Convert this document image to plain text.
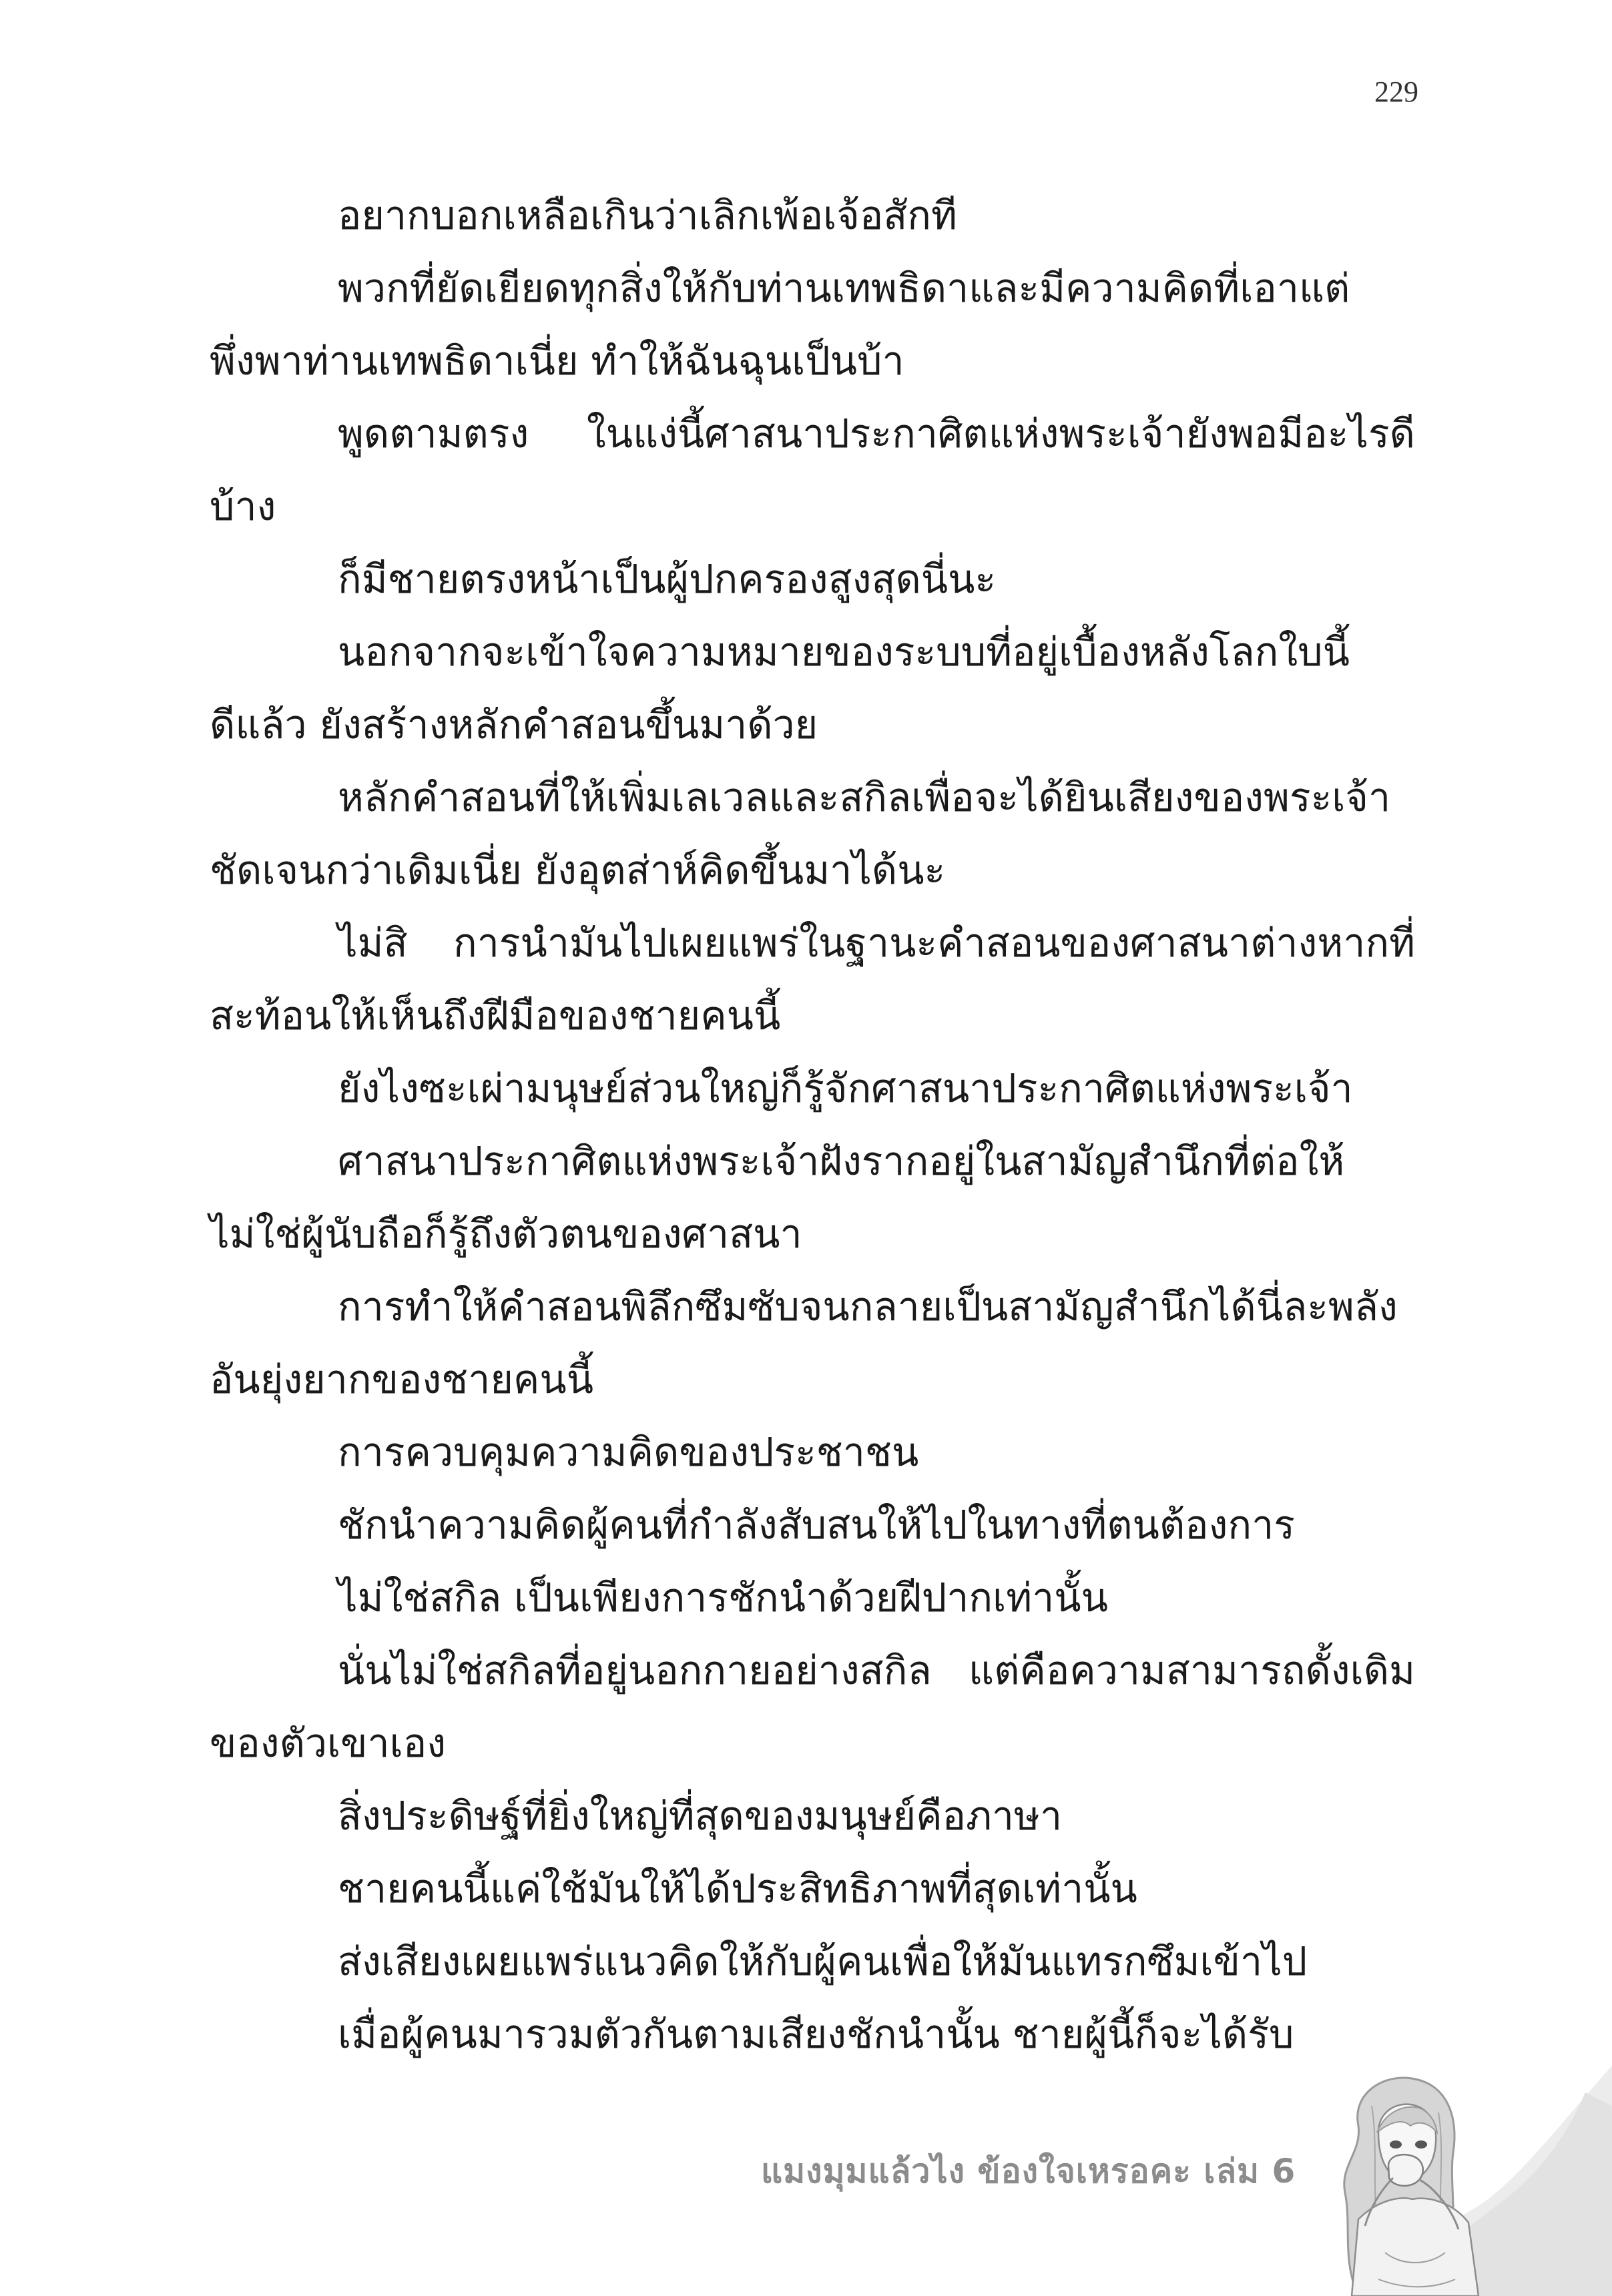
229

อยากบอกเหลือเกินว่าเลิกเพ้อเจ้อสักที

พวกที่ยัดเยียดทุกสิ่งให้กับท่านเทพธิดาและมีความคิดที่เอาแต่พึ่งพาท่านเทพธิดาเนี่ย ทำให้ฉันฉุนเป็นบ้า

พูดตามตรง ในแง่นี้ศาสนาประกาศิตแห่งพระเจ้ายังพอมีอะไรดีบ้าง

ก็มีชายตรงหน้าเป็นผู้ปกครองสูงสุดนี่นะ

นอกจากจะเข้าใจความหมายของระบบที่อยู่เบื้องหลังโลกใบนี้ดีแล้ว ยังสร้างหลักคำสอนขึ้นมาด้วย

หลักคำสอนที่ให้เพิ่มเลเวลและสกิลเพื่อจะได้ยินเสียงของพระเจ้าชัดเจนกว่าเดิมเนี่ย ยังอุตส่าห์คิดขึ้นมาได้นะ

ไม่สิ การนำมันไปเผยแพร่ในฐานะคำสอนของศาสนาต่างหากที่สะท้อนให้เห็นถึงฝีมือของชายคนนี้

ยังไงซะเผ่ามนุษย์ส่วนใหญ่ก็รู้จักศาสนาประกาศิตแห่งพระเจ้า

ศาสนาประกาศิตแห่งพระเจ้าฝังรากอยู่ในสามัญสำนึกที่ต่อให้ไม่ใช่ผู้นับถือก็รู้ถึงตัวตนของศาสนา

การทำให้คำสอนพิลึกซึมซับจนกลายเป็นสามัญสำนึกได้นี่ละพลังอันยุ่งยากของชายคนนี้

การควบคุมความคิดของประชาชน

ชักนำความคิดผู้คนที่กำลังสับสนให้ไปในทางที่ตนต้องการ

ไม่ใช่สกิล เป็นเพียงการชักนำด้วยฝีปากเท่านั้น

นั่นไม่ใช่สกิลที่อยู่นอกกายอย่างสกิล แต่คือความสามารถดั้งเดิมของตัวเขาเอง

สิ่งประดิษฐ์ที่ยิ่งใหญ่ที่สุดของมนุษย์คือภาษา

ชายคนนี้แค่ใช้มันให้ได้ประสิทธิภาพที่สุดเท่านั้น

ส่งเสียงเผยแพร่แนวคิดให้กับผู้คนเพื่อให้มันแทรกซึมเข้าไป

เมื่อผู้คนมารวมตัวกันตามเสียงชักนำนั้น ชายผู้นี้ก็จะได้รับ

แมงมุมแล้วไง ข้องใจเหรอคะ เล่ม 6
